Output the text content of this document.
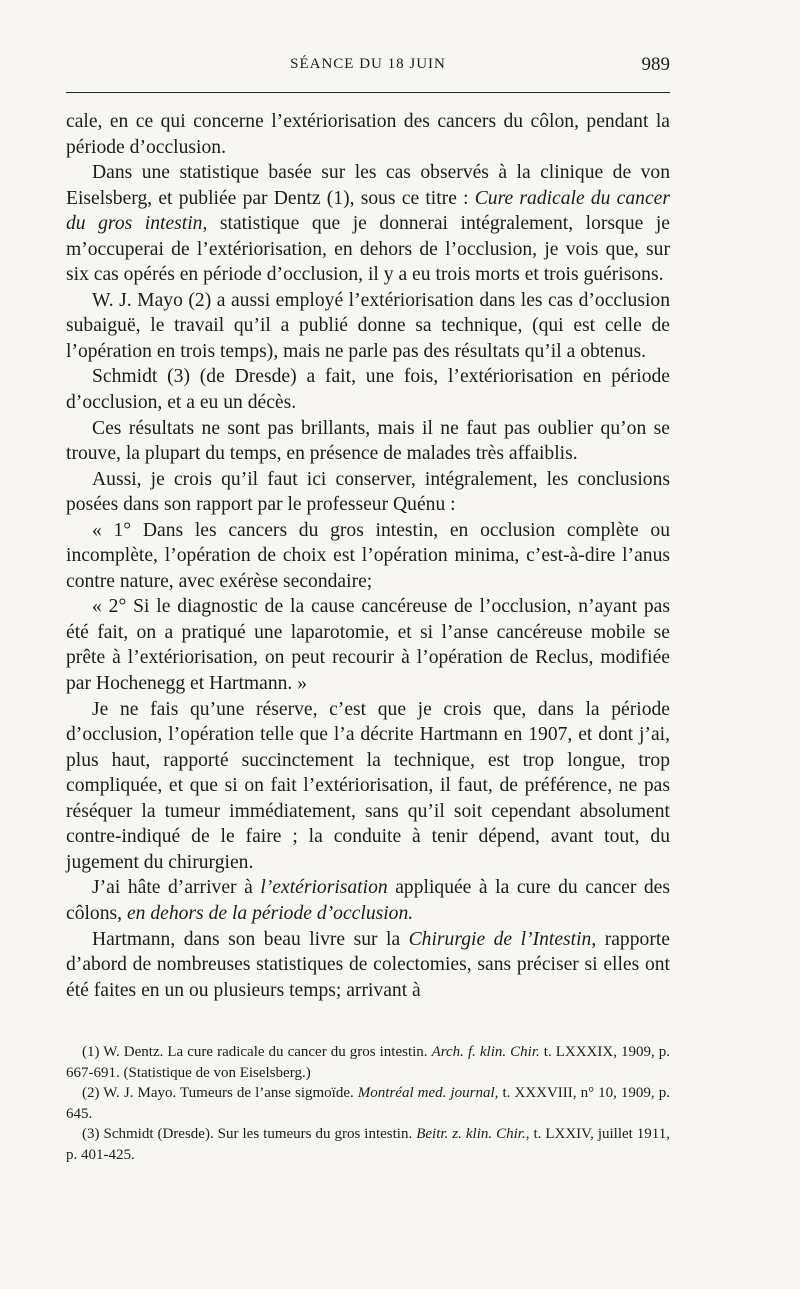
SÉANCE DU 18 JUIN	989

cale, en ce qui concerne l’extériorisation des cancers du côlon, pendant la période d’occlusion.

Dans une statistique basée sur les cas observés à la clinique de von Eiselsberg, et publiée par Dentz (1), sous ce titre : Cure radicale du cancer du gros intestin, statistique que je donnerai intégralement, lorsque je m’occuperai de l’extériorisation, en dehors de l’occlusion, je vois que, sur six cas opérés en période d’occlusion, il y a eu trois morts et trois guérisons.

W. J. Mayo (2) a aussi employé l’extériorisation dans les cas d’occlusion subaiguë, le travail qu’il a publié donne sa technique, (qui est celle de l’opération en trois temps), mais ne parle pas des résultats qu’il a obtenus.

Schmidt (3) (de Dresde) a fait, une fois, l’extériorisation en période d’occlusion, et a eu un décès.

Ces résultats ne sont pas brillants, mais il ne faut pas oublier qu’on se trouve, la plupart du temps, en présence de malades très affaiblis.

Aussi, je crois qu’il faut ici conserver, intégralement, les conclusions posées dans son rapport par le professeur Quénu :

« 1° Dans les cancers du gros intestin, en occlusion complète ou incomplète, l’opération de choix est l’opération minima, c’est-à-dire l’anus contre nature, avec exérèse secondaire;

« 2° Si le diagnostic de la cause cancéreuse de l’occlusion, n’ayant pas été fait, on a pratiqué une laparotomie, et si l’anse cancéreuse mobile se prête à l’extériorisation, on peut recourir à l’opération de Reclus, modifiée par Hochenegg et Hartmann. »

Je ne fais qu’une réserve, c’est que je crois que, dans la période d’occlusion, l’opération telle que l’a décrite Hartmann en 1907, et dont j’ai, plus haut, rapporté succinctement la technique, est trop longue, trop compliquée, et que si on fait l’extériorisation, il faut, de préférence, ne pas réséquer la tumeur immédiatement, sans qu’il soit cependant absolument contre-indiqué de le faire ; la conduite à tenir dépend, avant tout, du jugement du chirurgien.

J’ai hâte d’arriver à l’extériorisation appliquée à la cure du cancer des côlons, en dehors de la période d’occlusion.

Hartmann, dans son beau livre sur la Chirurgie de l’Intestin, rapporte d’abord de nombreuses statistiques de colectomies, sans préciser si elles ont été faites en un ou plusieurs temps; arrivant à

(1) W. Dentz. La cure radicale du cancer du gros intestin. Arch. f. klin. Chir. t. LXXXIX, 1909, p. 667-691. (Statistique de von Eiselsberg.)

(2) W. J. Mayo. Tumeurs de l’anse sigmoïde. Montréal med. journal, t. XXXVIII, n° 10, 1909, p. 645.

(3) Schmidt (Dresde). Sur les tumeurs du gros intestin. Beitr. z. klin. Chir., t. LXXIV, juillet 1911, p. 401-425.
